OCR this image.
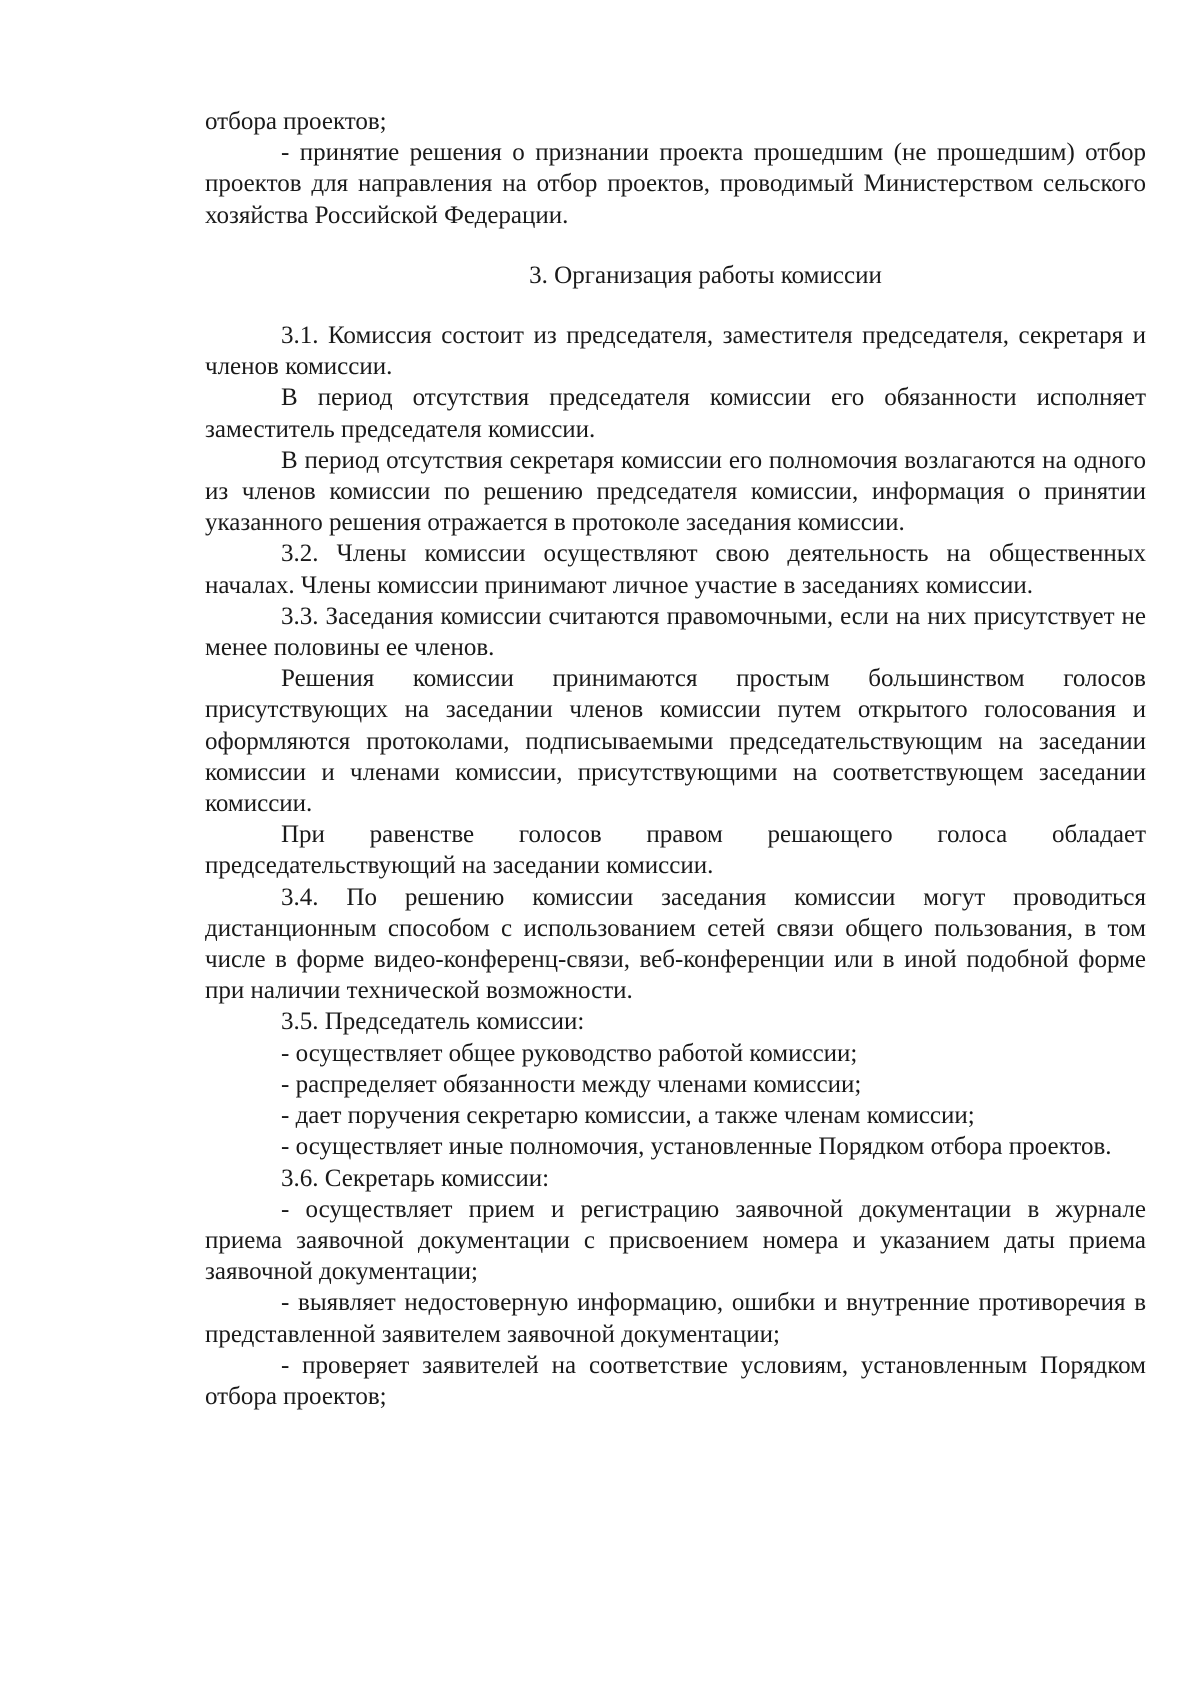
отбора проектов;

- принятие решения о признании проекта прошедшим (не прошедшим) отбор проектов для направления на отбор проектов, проводимый Министерством сельского хозяйства Российской Федерации.

3. Организация работы комиссии

3.1. Комиссия состоит из председателя, заместителя председателя, секретаря и членов комиссии.

В период отсутствия председателя комиссии его обязанности исполняет заместитель председателя комиссии.

В период отсутствия секретаря комиссии его полномочия возлагаются на одного из членов комиссии по решению председателя комиссии, информация о принятии указанного решения отражается в протоколе заседания комиссии.

3.2. Члены комиссии осуществляют свою деятельность на общественных началах. Члены комиссии принимают личное участие в заседаниях комиссии.

3.3. Заседания комиссии считаются правомочными, если на них присутствует не менее половины ее членов.

Решения комиссии принимаются простым большинством голосов присутствующих на заседании членов комиссии путем открытого голосования и оформляются протоколами, подписываемыми председательствующим на заседании комиссии и членами комиссии, присутствующими на соответствующем заседании комиссии.

При равенстве голосов правом решающего голоса обладает председательствующий на заседании комиссии.

3.4. По решению комиссии заседания комиссии могут проводиться дистанционным способом с использованием сетей связи общего пользования, в том числе в форме видео-конференц-связи, веб-конференции или в иной подобной форме при наличии технической возможности.

3.5. Председатель комиссии:

- осуществляет общее руководство работой комиссии;

- распределяет обязанности между членами комиссии;

- дает поручения секретарю комиссии, а также членам комиссии;

- осуществляет иные полномочия, установленные Порядком отбора проектов.

3.6. Секретарь комиссии:

- осуществляет прием и регистрацию заявочной документации в журнале приема заявочной документации с присвоением номера и указанием даты приема заявочной документации;

- выявляет недостоверную информацию, ошибки и внутренние противоречия в представленной заявителем заявочной документации;

- проверяет заявителей на соответствие условиям, установленным Порядком отбора проектов;
